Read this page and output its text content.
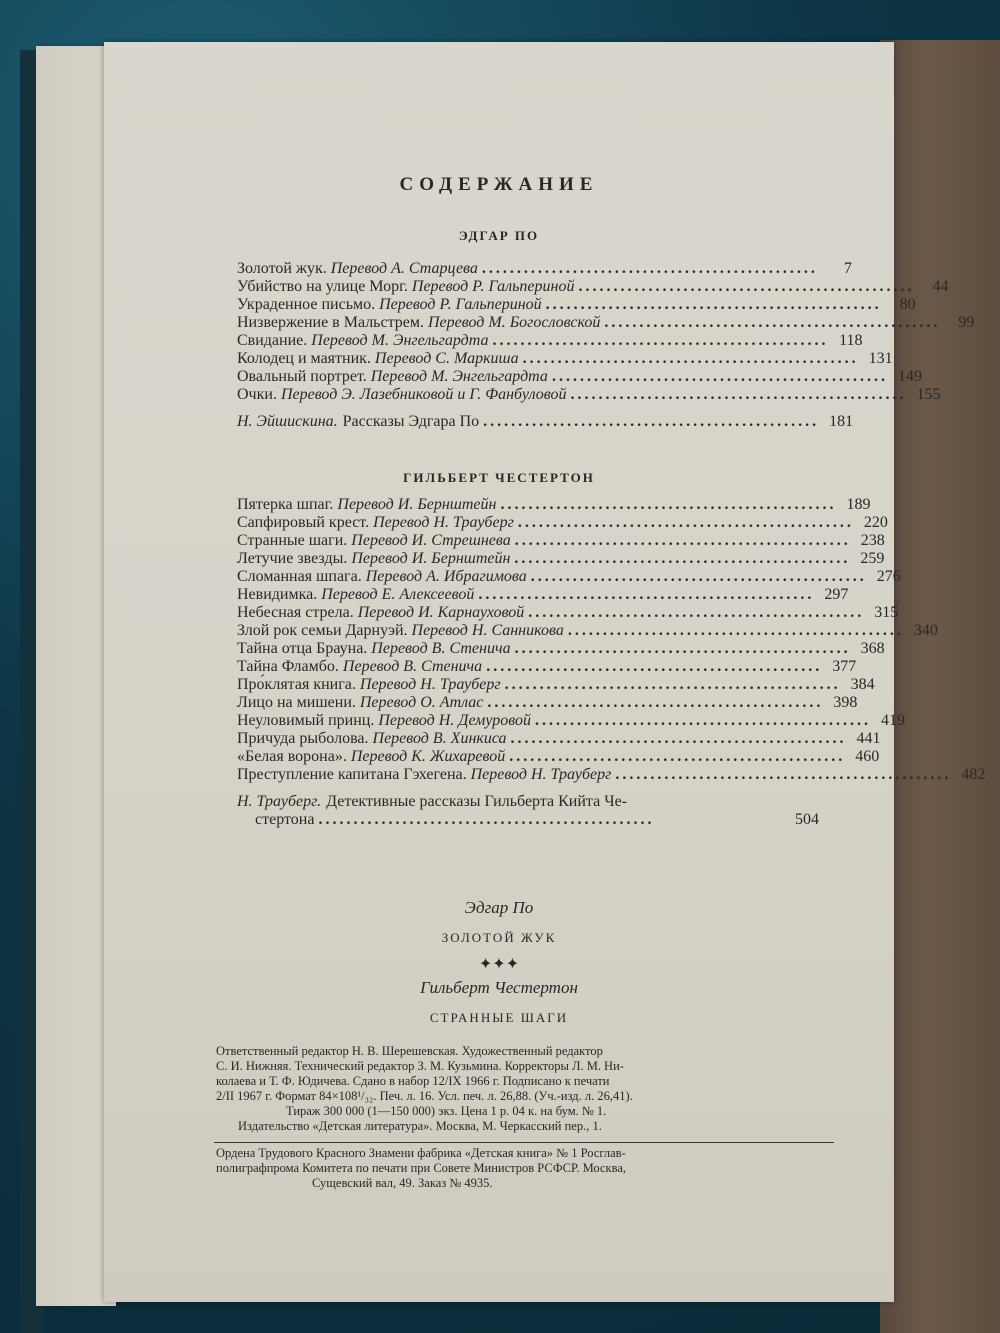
СОДЕРЖАНИЕ
ЭДГАР ПО
Золотой жук. Перевод А. Старцева ................................................	7
Убийство на улице Морг. Перевод Р. Гальпериной ................................................	44
Украденное письмо. Перевод Р. Гальпериной ................................................	80
Низвержение в Мальстрем. Перевод М. Богословской ................................................	99
Свидание. Перевод М. Энгельгардта ................................................ 118
Колодец и маятник. Перевод С. Маркиша ................................................ 131
Овальный портрет. Перевод М. Энгельгардта ................................................ 149
Очки. Перевод Э. Лазебниковой и Г. Фанбуловой ................................................ 155
Н. Эйшискина. Рассказы Эдгара По ................................................ 181
ГИЛЬБЕРТ ЧЕСТЕРТОН
Пятерка шпаг. Перевод И. Бернштейн ................................................ 189
Сапфировый крест. Перевод Н. Трауберг ................................................ 220
Странные шаги. Перевод И. Стрешнева ................................................ 238
Летучие звезды. Перевод И. Бернштейн ................................................ 259
Сломанная шпага. Перевод А. Ибрагимова ................................................ 276
Невидимка. Перевод Е. Алексеевой ................................................ 297
Небесная стрела. Перевод И. Карнауховой ................................................ 315
Злой рок семьи Дарнуэй. Перевод Н. Санникова ................................................ 340
Тайна отца Брауна. Перевод В. Стенича ................................................ 368
Тайна Фламбо. Перевод В. Стенича ................................................ 377
Про́клятая книга. Перевод Н. Трауберг ................................................ 384
Лицо на мишени. Перевод О. Атлас ................................................ 398
Неуловимый принц. Перевод Н. Демуровой ................................................ 419
Причуда рыболова. Перевод В. Хинкиса ................................................ 441
«Белая ворона». Перевод К. Жихаревой ................................................ 460
Преступление капитана Гэхегена. Перевод Н. Трауберг ................................................ 482
Н. Трауберг. Детективные рассказы Гильберта Кийта Че-
стертона ................................................	504
Эдгар По
ЗОЛОТОЙ ЖУК
✦✦✦
Гильберт Честертон
СТРАННЫЕ ШАГИ

Ответственный редактор Н. В. Шерешевская. Художественный редактор

С. И. Нижняя. Технический редактор З. М. Кузьмина. Корректоры Л. М. Ни-

колаева и Т. Ф. Юдичева. Сдано в набор 12/IX 1966 г. Подписано к печати

2/II 1967 г. Формат 84×108¹/₃₂. Печ. л. 16. Усл. печ. л. 26,88. (Уч.-изд. л. 26,41).

Тираж 300 000 (1—150 000) экз. Цена 1 р. 04 к. на бум. № 1.

Издательство «Детская литература». Москва, М. Черкасский пер., 1.

Ордена Трудового Красного Знамени фабрика «Детская книга» № 1 Росглав-

полиграфпрома Комитета по печати при Совете Министров РСФСР. Москва,

Сущевский вал, 49. Заказ № 4935.
